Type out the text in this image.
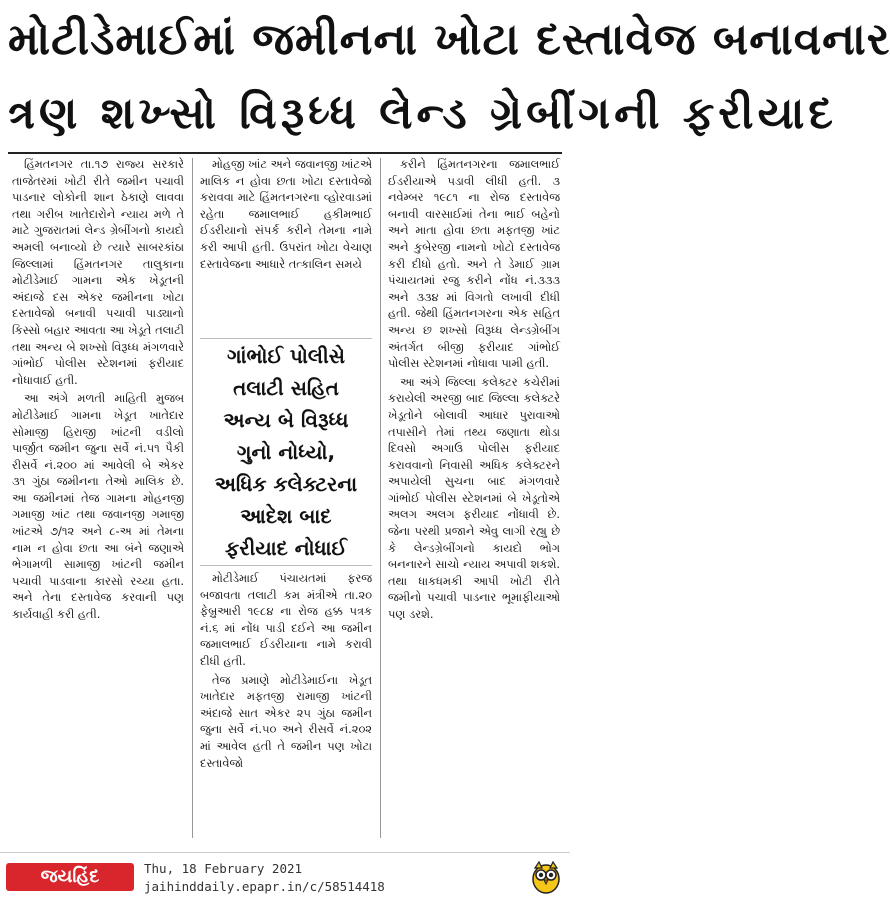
મોટીડેમાઈમાં જમીનના ખોટા દસ્તાવેજ બનાવનાર
ત્રણ શખ્સો વિરૂધ્ધ લેન્ડ ગ્રેબીંગની ફરીયાદ

હિંમતનગર તા.૧૭ રાજ્ય સરકારે તાજેતરમાં ખોટી રીતે જમીન પચાવી પાડનાર લોકોની શાન ઠેકાણે લાવવા તથા ગરીબ ખાતેદારોને ન્યાય મળે તે માટે ગુજરાતમાં લેન્ડ ગ્રેબીંગનો કાયદો અમલી બનાવ્યો છે ત્યારે સાબરકાંઠા જિલ્લામાં હિંમતનગર તાલુકાના મોટીડેમાઈ ગામના એક ખેડૂતની અંદાજે દસ એકર જમીનના ખોટા દસ્તાવેજો બનાવી પચાવી પાડ્યાનો કિસ્સો બહાર આવતા આ ખેડૂતે તલાટી તથા અન્ય બે શખ્સો વિરૂધ્ધ મંગળવારે ગાંભોઈ પોલીસ સ્ટેશનમાં ફરીયાદ નોધાવાઈ હતી.

આ અંગે મળતી માહિતી મુજબ મોટીડેમાઈ ગામના ખેડૂત ખાતેદાર સોમાજી હિરાજી ખાંટની વડીલો પાર્જીત જમીન જુના સર્વે નં.૫૧ પૈકી રીસર્વે નં.૨૦૦ માં આવેલી બે એકર ૩૧ ગુંઠા જમીનના તેઓ માલિક છે. આ જમીનમાં તેજ ગામના મોહનજી ગમાજી ખાંટ તથા જવાનજી ગમાજી ખાંટએ ૭/૧૨ અને ૮-અ માં તેમના નામ ન હોવા છતા આ બંને જણાએ ભેગામળી સામાજી ખાંટની જમીન પચાવી પાડવાના કારસો રચ્યા હતા. અને તેના દસ્તાવેજ કરવાની પણ કાર્યવાહી કરી હતી.

મોહજી ખાંટ અને જવાનજી ખાંટએ માલિક ન હોવા છતા ખોટા દસ્તાવેજો કરાવવા માટે હિંમતનગરના વ્હોરવાડમાં રહેતા જમાલભાઈ હકીમભાઈ ઈડરીયાનો સંપર્ક કરીને તેમના નામે કરી આપી હતી. ઉપરાંત ખોટા વેચાણ દસ્તાવેજના આધારે તત્કાલિન સમયે

ગાંભોઈ પોલીસે
તલાટી સહિત
અન્ય બે વિરૂધ્ધ
ગુનો નોધ્યો,
અધિક કલેક્ટરના
આદેશ બાદ
ફરીયાદ નોધાઈ

મોટીડેમાઈ પંચાયતમાં ફરજ બજાવતા તલાટી કમ મંત્રીએ તા.૨૦ ફેબ્રુઆરી ૧૯૮૪ ના રોજ હક્ક પત્રક નં.૬ માં નોંધ પાડી દઈને આ જમીન જમાલભાઈ ઈડરીયાના નામે કરાવી દીધી હતી.

તેજ પ્રમાણે મોટીડેમાઈના ખેડૂત ખાતેદાર મફતજી રામાજી ખાંટની અંદાજે સાત એકર ૨૫ ગુંઠા જમીન જુના સર્વે નં.૫૦ અને રીસર્વે નં.૨૦૨ માં આવેલ હતી તે જમીન પણ ખોટા દસ્તાવેજો

કરીને હિંમતનગરના જમાલભાઈ ઈડરીયાએ પડાવી લીધી હતી. ૩ નવેમ્બર ૧૯૮૧ ના રોજ દસ્તાવેજ બનાવી વારસાઈમાં તેના ભાઈ બહેનો અને માતા હોવા છતા મફતજી ખાંટ અને કુબેરજી નામનો ખોટો દસ્તાવેજ કરી દીધો હતો. અને તે ડેમાઈ ગ્રામ પંચાયતમાં રજુ કરીને નોંધ નં.૩૩૩ અને ૩૩૪ માં વિગતો લખાવી દીધી હતી. જેથી હિંમતનગરના એક સહિત અન્ય છ શખ્સો વિરૂધ્ધ લેન્ડગ્રેબીંગ અંતર્ગત બીજી ફરીયાદ ગાંભોઈ પોલીસ સ્ટેશનમાં નોધાવા પામી હતી.

આ અંગે જિલ્લા કલેક્ટર કચેરીમાં કરાયેલી અરજી બાદ જિલ્લા કલેક્ટરે ખેડૂતોને બોલાવી આધાર પુરાવાઓ તપાસીને તેમાં તથ્ય જણાતા થોડા દિવસો અગાઉ પોલીસ ફરીયાદ કરાવવાનો નિવાસી અધિક કલેક્ટરને અપાયેલી સુચના બાદ મંગળવારે ગાંભોઈ પોલીસ સ્ટેશનમાં બે ખેડૂતોએ અલગ અલગ ફરીયાદ નોંધાવી છે. જેના પરથી પ્રજાને એવુ લાગી રહ્યુ છે કે લેન્ડગ્રેબીંગનો કાયદો ભોગ બનનારને સાચો ન્યાય અપાવી શકશે. તથા ધાકધમકી આપી ખોટી રીતે જમીનો પચાવી પાડનાર ભૂમાફીયાઓ પણ ડરશે.

જયહિંદ	Thu, 18 February 2021
jaihinddaily.epapr.in/c/58514418
